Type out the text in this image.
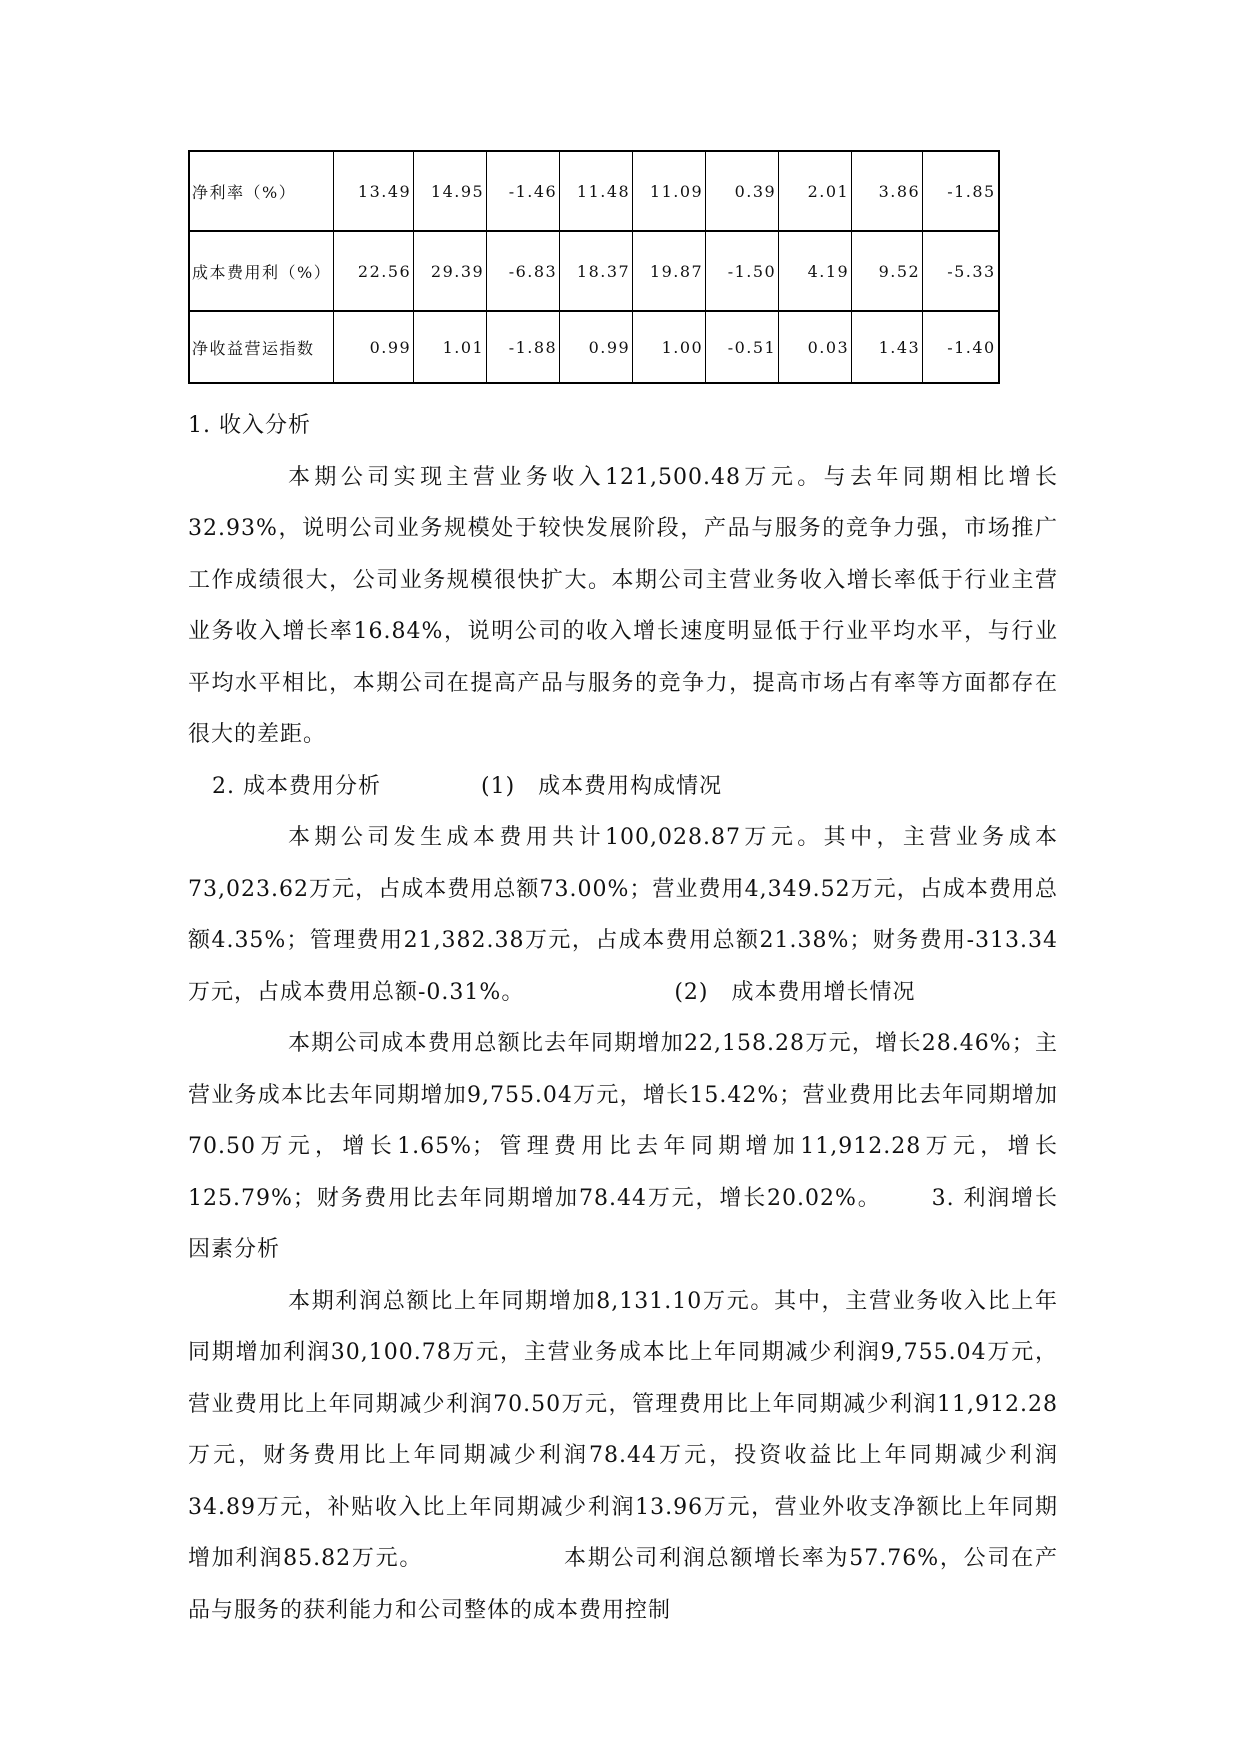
净利率（%）	13.49	14.95	-1.46	11.48	11.09	0.39	2.01	3.86	-1.85
成本费用利（%）	22.56	29.39	-6.83	18.37	19.87	-1.50	4.19	9.52	-5.33
净收益营运指数	0.99	1.01	-1.88	0.99	1.00	-0.51	0.03	1.43	-1.40

1. 收入分析

本期公司实现主营业务收入121,500.48万元。与去年同期相比增长32.93%，说明公司业务规模处于较快发展阶段，产品与服务的竞争力强，市场推广工作成绩很大，公司业务规模很快扩大。本期公司主营业务收入增长率低于行业主营业务收入增长率16.84%，说明公司的收入增长速度明显低于行业平均水平，与行业平均水平相比，本期公司在提高产品与服务的竞争力，提高市场占有率等方面都存在很大的差距。

2. 成本费用分析	(1)　成本费用构成情况

本期公司发生成本费用共计100,028.87万元。其中，主营业务成本73,023.62万元，占成本费用总额73.00%；营业费用4,349.52万元，占成本费用总额4.35%；管理费用21,382.38万元，占成本费用总额21.38%；财务费用-313.34万元，占成本费用总额-0.31%。	(2)　成本费用增长情况

本期公司成本费用总额比去年同期增加22,158.28万元，增长28.46%；主营业务成本比去年同期增加9,755.04万元，增长15.42%；营业费用比去年同期增加70.50万元，增长1.65%；管理费用比去年同期增加11,912.28万元，增长125.79%；财务费用比去年同期增加78.44万元，增长20.02%。 3. 利润增长因素分析

本期利润总额比上年同期增加8,131.10万元。其中，主营业务收入比上年同期增加利润30,100.78万元，主营业务成本比上年同期减少利润9,755.04万元，营业费用比上年同期减少利润70.50万元，管理费用比上年同期减少利润11,912.28万元，财务费用比上年同期减少利润78.44万元，投资收益比上年同期减少利润34.89万元，补贴收入比上年同期减少利润13.96万元，营业外收支净额比上年同期增加利润85.82万元。	本期公司利润总额增长率为57.76%，公司在产品与服务的获利能力和公司整体的成本费用控制
